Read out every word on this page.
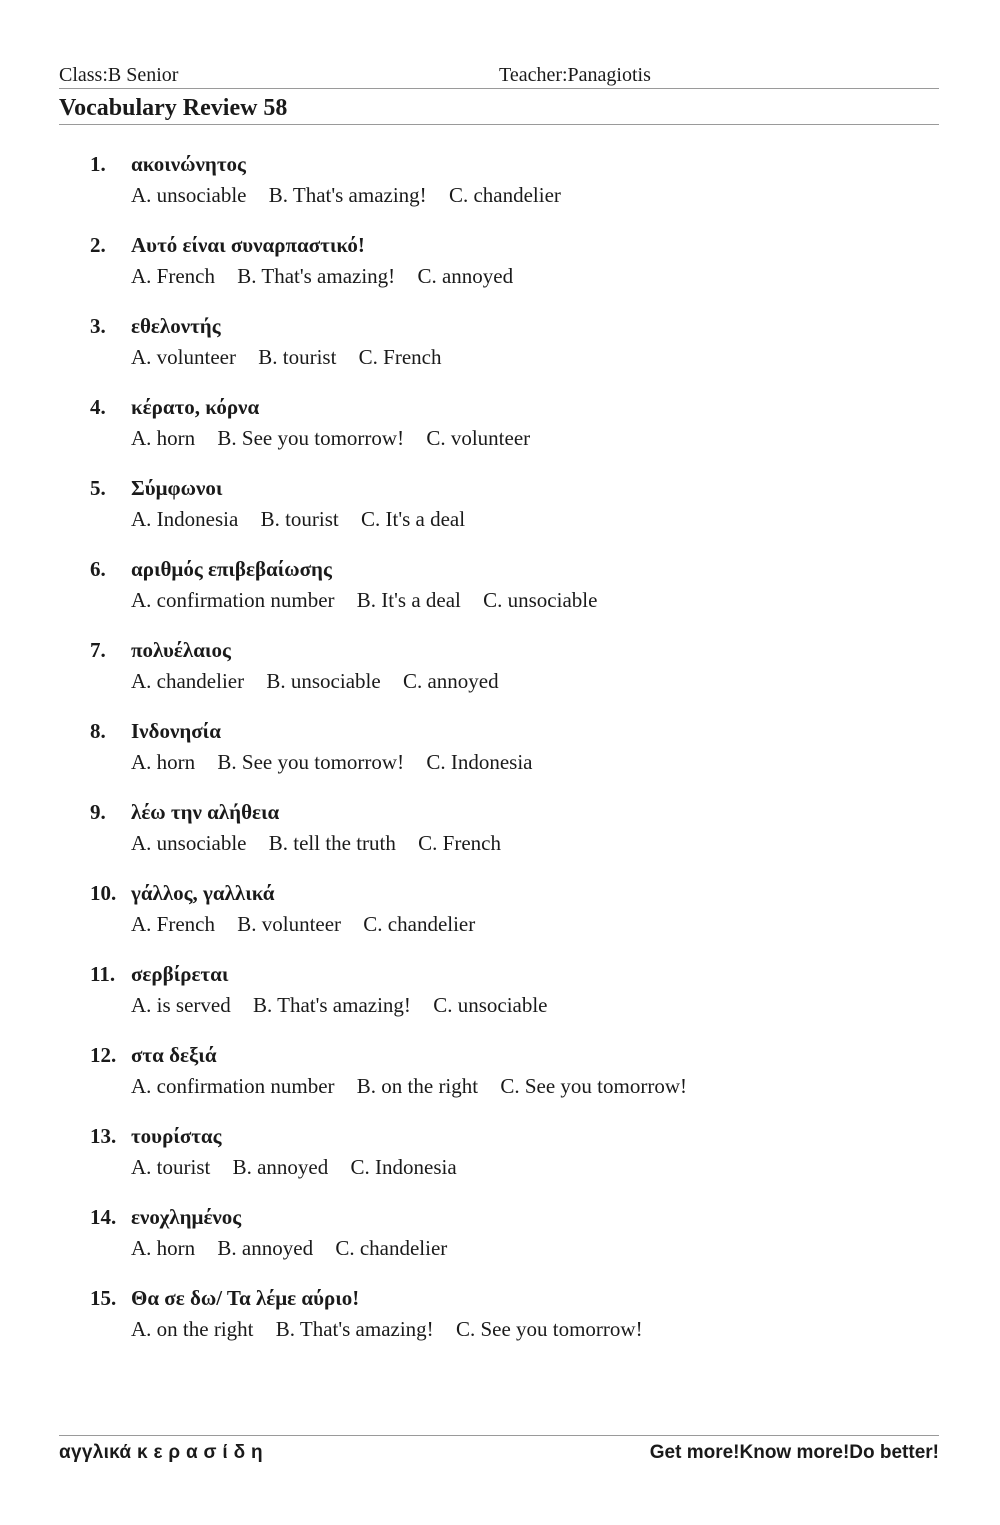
Class:B Senior	Teacher:Panagiotis
Vocabulary Review 58
1. ακοινώνητος
A. unsociable B. That's amazing! C. chandelier
2. Αυτό είναι συναρπαστικό!
A. French B. That's amazing! C. annoyed
3. εθελοντής
A. volunteer B. tourist C. French
4. κέρατο, κόρνα
A. horn B. See you tomorrow! C. volunteer
5. Σύμφωνοι
A. Indonesia B. tourist C. It's a deal
6. αριθμός επιβεβαίωσης
A. confirmation number B. It's a deal C. unsociable
7. πολυέλαιος
A. chandelier B. unsociable C. annoyed
8. Ινδονησία
A. horn B. See you tomorrow! C. Indonesia
9. λέω την αλήθεια
A. unsociable B. tell the truth C. French
10. γάλλος, γαλλικά
A. French B. volunteer C. chandelier
11. σερβίρεται
A. is served B. That's amazing! C. unsociable
12. στα δεξιά
A. confirmation number B. on the right C. See you tomorrow!
13. τουρίστας
A. tourist B. annoyed C. Indonesia
14. ενοχλημένος
A. horn B. annoyed C. chandelier
15. Θα σε δω/ Τα λέμε αύριο!
A. on the right B. That's amazing! C. See you tomorrow!
αγγλικά κ ε ρ α σ ί δ η	Get more!Know more!Do better!
